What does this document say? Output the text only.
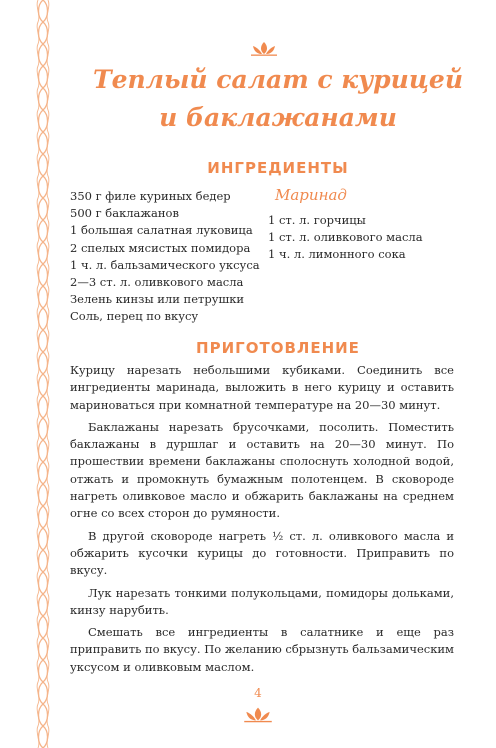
Теплый салат с курицей
и баклажанами
ИНГРЕДИЕНТЫ
350 г филе куриных бедер
500 г баклажанов
1 большая салатная луковица
2 спелых мясистых помидора
1 ч. л. бальзамического уксуса
2—3 ст. л. оливкового масла
Зелень кинзы или петрушки
Соль, перец по вкусу
Маринад
1 ст. л. горчицы
1 ст. л. оливкового масла
1 ч. л. лимонного сока
ПРИГОТОВЛЕНИЕ

Курицу нарезать небольшими кубиками. Соединить все ингредиенты маринада, выложить в него курицу и оставить мариноваться при комнатной температуре на 20—30 минут.

Баклажаны нарезать брусочками, посолить. Поместить баклажаны в дуршлаг и оставить на 20—30 минут. По прошествии времени баклажаны сполоснуть холодной водой, отжать и промокнуть бумажным полотенцем. В сковороде нагреть оливковое масло и обжарить баклажаны на среднем огне со всех сторон до румяности.

В другой сковороде нагреть ½ ст. л. оливкового масла и обжарить кусочки курицы до готовности. Приправить по вкусу.

Лук нарезать тонкими полукольцами, помидоры дольками, кинзу нарубить.

Смешать все ингредиенты в салатнике и еще раз приправить по вкусу. По желанию сбрызнуть бальзамическим уксусом и оливковым маслом.

4
